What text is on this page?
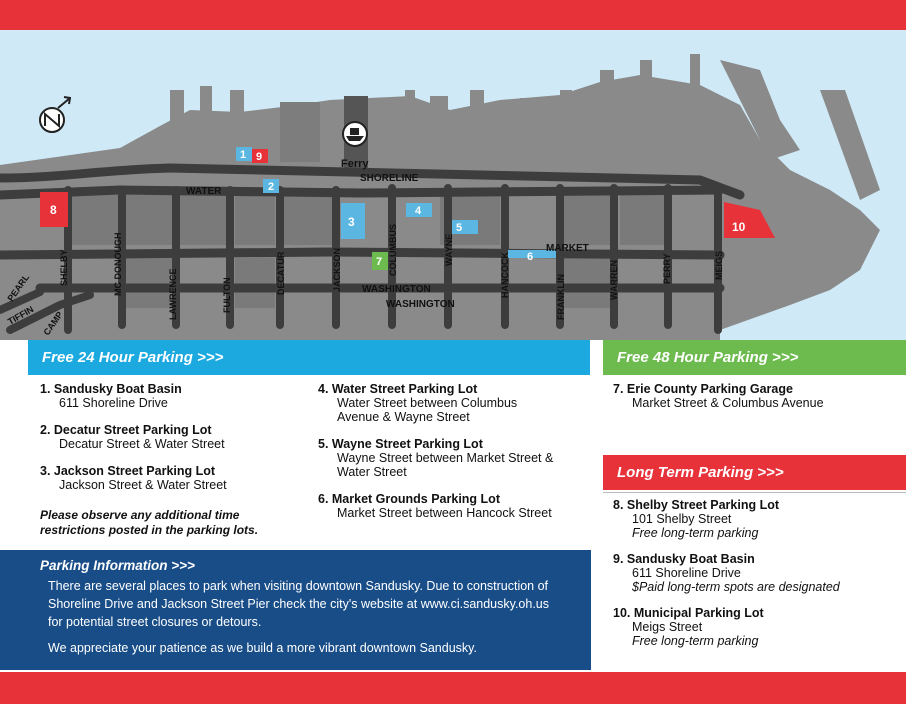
Ferry
1 9
2
8
3
4
5
6
7
10
SHORELINE
WATER
MARKET
WASHINGTON
WASHINGTON
SHELBY	MC DONOUGH	LAWRENCE	FULTON
DECATUR	JACKSON	COLUMBUS	WAYNE
HANCOCK	FRANKLIN	WARREN	PERRY	MEIGS
PEARL
TIFFIN CAMP
Free 24 Hour Parking >>>	Free 48 Hour Parking >>>
Long Term Parking >>>
1. Sandusky Boat Basin
611 Shoreline Drive
2. Decatur Street Parking Lot
Decatur Street & Water Street
3. Jackson Street Parking Lot
Jackson Street & Water Street
Please observe any additional time
restrictions posted in the parking lots.
4. Water Street Parking Lot
Water Street between Columbus
Avenue & Wayne Street
5. Wayne Street Parking Lot
Wayne Street between Market Street &
Water Street
6. Market Grounds Parking Lot
Market Street between Hancock Street
7. Erie County Parking Garage
Market Street & Columbus Avenue
8. Shelby Street Parking Lot
101 Shelby Street
Free long-term parking
9. Sandusky Boat Basin
611 Shoreline Drive
$Paid long-term spots are designated
10. Municipal Parking Lot
Meigs Street
Free long-term parking
Parking Information >>>

There are several places to park when visiting downtown Sandusky. Due to construction of Shoreline Drive and Jackson Street Pier check the city's website at www.ci.sandusky.oh.us for potential street closures or detours.

We appreciate your patience as we build a more vibrant downtown Sandusky.
